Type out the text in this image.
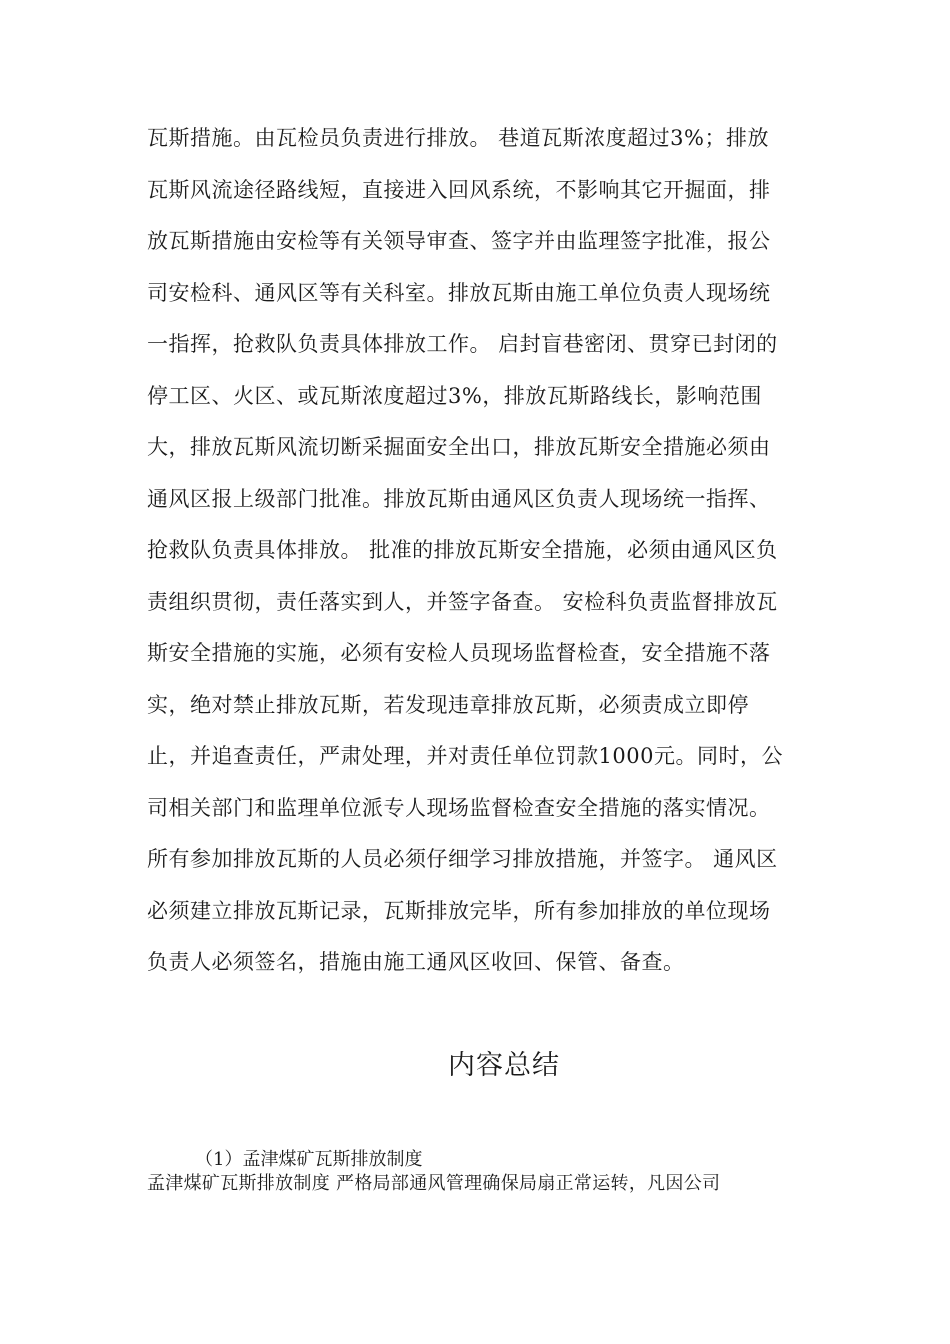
瓦斯措施。由瓦检员负责进行排放。 巷道瓦斯浓度超过3%；排放
瓦斯风流途径路线短，直接进入回风系统，不影响其它开掘面，排
放瓦斯措施由安检等有关领导审查、签字并由监理签字批准，报公
司安检科、通风区等有关科室。排放瓦斯由施工单位负责人现场统
一指挥，抢救队负责具体排放工作。 启封盲巷密闭、贯穿已封闭的
停工区、火区、或瓦斯浓度超过3%，排放瓦斯路线长，影响范围
大，排放瓦斯风流切断采掘面安全出口，排放瓦斯安全措施必须由
通风区报上级部门批准。排放瓦斯由通风区负责人现场统一指挥、
抢救队负责具体排放。 批准的排放瓦斯安全措施，必须由通风区负
责组织贯彻，责任落实到人，并签字备查。 安检科负责监督排放瓦
斯安全措施的实施，必须有安检人员现场监督检查，安全措施不落
实，绝对禁止排放瓦斯，若发现违章排放瓦斯，必须责成立即停
止，并追查责任，严肃处理，并对责任单位罚款1000元。同时，公
司相关部门和监理单位派专人现场监督检查安全措施的落实情况。
所有参加排放瓦斯的人员必须仔细学习排放措施，并签字。 通风区
必须建立排放瓦斯记录，瓦斯排放完毕，所有参加排放的单位现场
负责人必须签名，措施由施工通风区收回、保管、备查。
内容总结
（1）孟津煤矿瓦斯排放制度
孟津煤矿瓦斯排放制度 严格局部通风管理确保局扇正常运转，凡因公司
